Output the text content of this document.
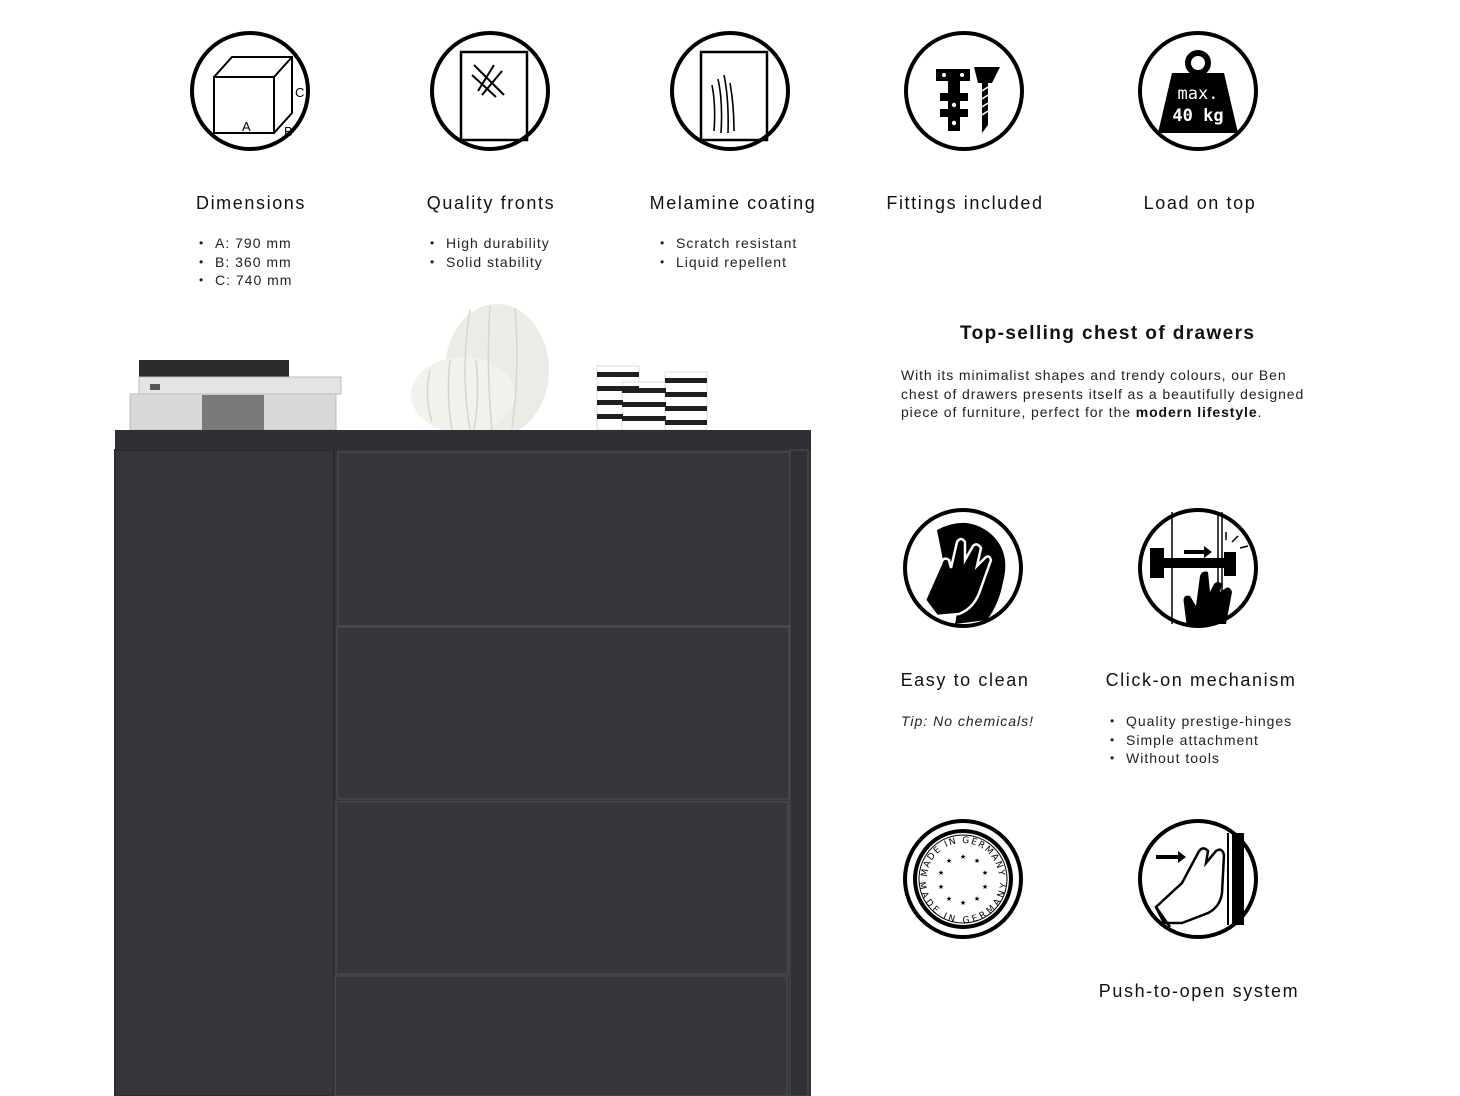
A	B
C
Dimensions
• A: 790 mm
• B: 360 mm
• C: 740 mm
Quality fronts
• High durability
• Solid stability
Melamine coating
• Scratch resistant
• Liquid repellent
Fittings included
max.
40 kg
Load on top
Top-selling chest of drawers
With its minimalist shapes and trendy colours, our Ben chest of drawers presents itself as a beautifully designed piece of furniture, perfect for the modern lifestyle.
Easy to clean
Tip: No chemicals!
Click-on mechanism
• Quality prestige-hinges
• Simple attachment
• Without tools
MADE IN GERMANY
MADE IN GERMANY
★ ★
★
★
★
★
★
★
★
★
Push-to-open system
